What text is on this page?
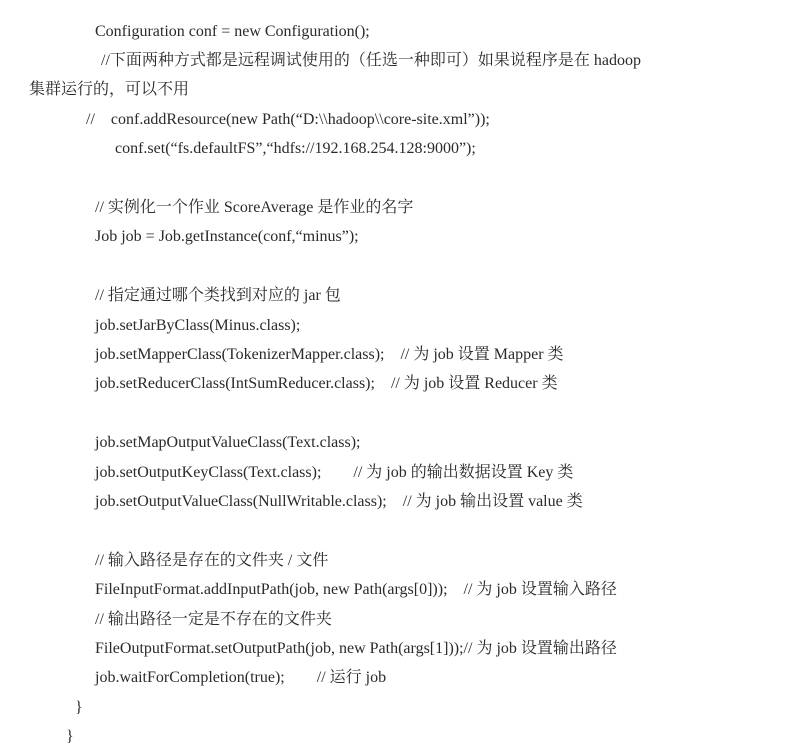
Configuration conf = new Configuration();
//下面两种方式都是远程调试使用的（任选一种即可）如果说程序是在 hadoop
集群运行的，可以不用
//    conf.addResource(new Path(“D:\\hadoop\\core-site.xml”));
conf.set(“fs.defaultFS”,“hdfs://192.168.254.128:9000”);
// 实例化一个作业 ScoreAverage 是作业的名字
Job job = Job.getInstance(conf,“minus”);
// 指定通过哪个类找到对应的 jar 包
job.setJarByClass(Minus.class);
job.setMapperClass(TokenizerMapper.class);    // 为 job 设置 Mapper 类
job.setReducerClass(IntSumReducer.class);    // 为 job 设置 Reducer 类
job.setMapOutputValueClass(Text.class);
job.setOutputKeyClass(Text.class);        // 为 job 的输出数据设置 Key 类
job.setOutputValueClass(NullWritable.class);    // 为 job 输出设置 value 类
// 输入路径是存在的文件夹 / 文件
FileInputFormat.addInputPath(job, new Path(args[0]));    // 为 job 设置输入路径
// 输出路径一定是不存在的文件夹
FileOutputFormat.setOutputPath(job, new Path(args[1]));// 为 job 设置输出路径
job.waitForCompletion(true);        // 运行 job
}
}
